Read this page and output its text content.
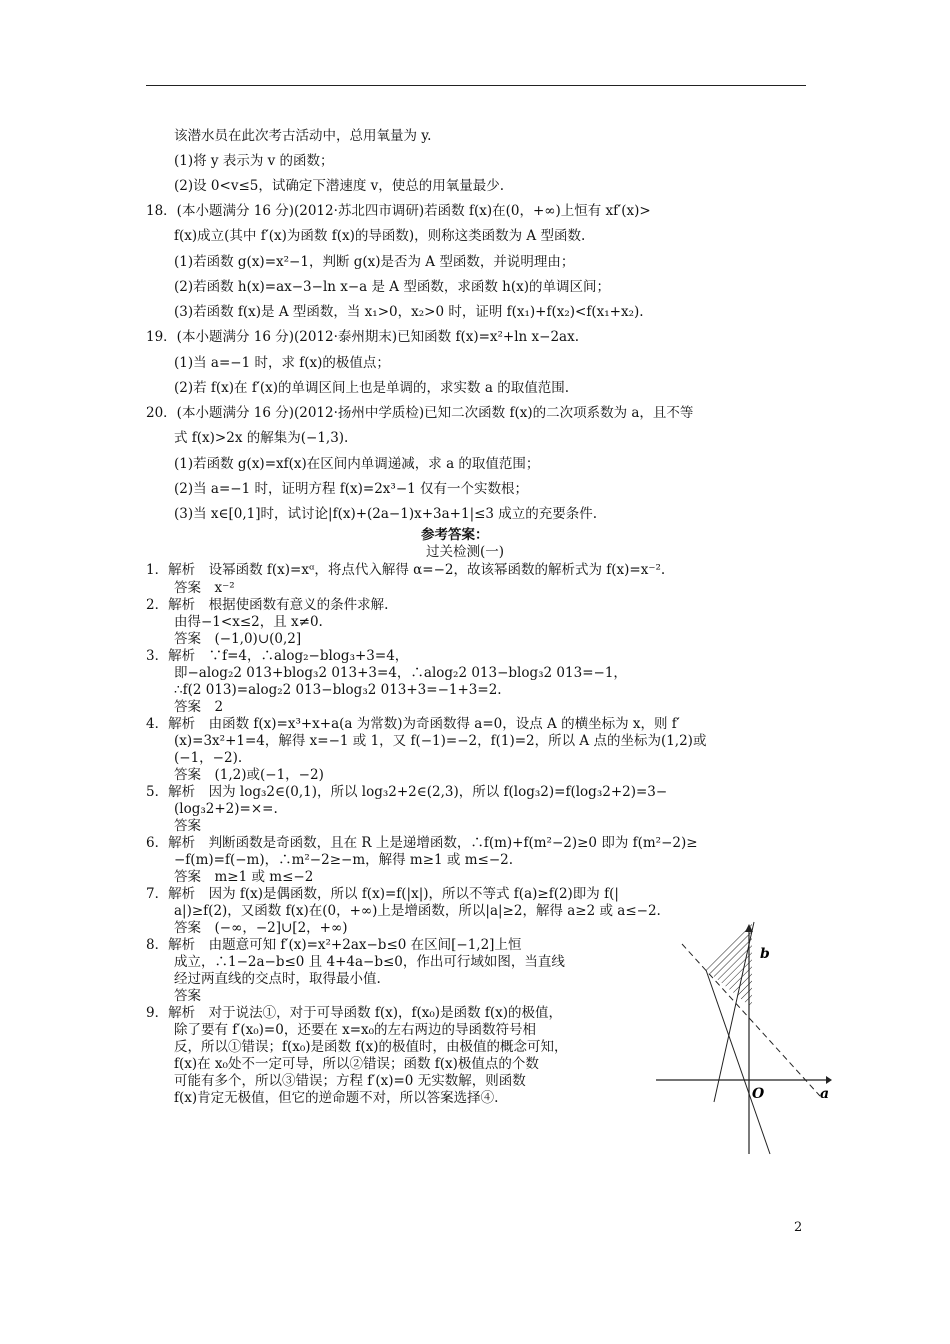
该潜水员在此次考古活动中，总用氧量为 y.
(1)将 y 表示为 v 的函数；
(2)设 0<v≤5，试确定下潜速度 v，使总的用氧量最少.
18．(本小题满分 16 分)(2012·苏北四市调研)若函数 f(x)在(0，+∞)上恒有 xf′(x)>
f(x)成立(其中 f′(x)为函数 f(x)的导函数)，则称这类函数为 A 型函数.
(1)若函数 g(x)=x²−1，判断 g(x)是否为 A 型函数，并说明理由；
(2)若函数 h(x)=ax−3−ln x−a 是 A 型函数，求函数 h(x)的单调区间；
(3)若函数 f(x)是 A 型函数，当 x₁>0，x₂>0 时，证明 f(x₁)+f(x₂)<f(x₁+x₂).
19．(本小题满分 16 分)(2012·泰州期末)已知函数 f(x)=x²+ln x−2ax.
(1)当 a=−1 时，求 f(x)的极值点；
(2)若 f(x)在 f′(x)的单调区间上也是单调的，求实数 a 的取值范围.
20．(本小题满分 16 分)(2012·扬州中学质检)已知二次函数 f(x)的二次项系数为 a，且不等
式 f(x)>2x 的解集为(−1,3).
(1)若函数 g(x)=xf(x)在区间内单调递减，求 a 的取值范围；
(2)当 a=−1 时，证明方程 f(x)=2x³−1 仅有一个实数根；
(3)当 x∈[0,1]时，试讨论|f(x)+(2a−1)x+3a+1|≤3 成立的充要条件.
1．解析　设幂函数 f(x)=xᵅ，将点代入解得 α=−2，故该幂函数的解析式为 f(x)=x⁻².
答案　x⁻²
2．解析　根据使函数有意义的条件求解.
由得−1<x≤2，且 x≠0.
答案　(−1,0)∪(0,2]
3．解析　∵f=4，∴alog₂−blog₃+3=4，
即−alog₂2 013+blog₃2 013+3=4，∴alog₂2 013−blog₃2 013=−1，
∴f(2 013)=alog₂2 013−blog₃2 013+3=−1+3=2.
答案　2
4．解析　由函数 f(x)=x³+x+a(a 为常数)为奇函数得 a=0，设点 A 的横坐标为 x，则 f′
(x)=3x²+1=4，解得 x=−1 或 1，又 f(−1)=−2，f(1)=2，所以 A 点的坐标为(1,2)或
(−1，−2).
答案　(1,2)或(−1，−2)
5．解析　因为 log₃2∈(0,1)，所以 log₃2+2∈(2,3)，所以 f(log₃2)=f(log₃2+2)=3−
(log₃2+2)=×=.
答案
6．解析　判断函数是奇函数，且在 R 上是递增函数，∴f(m)+f(m²−2)≥0 即为 f(m²−2)≥
−f(m)=f(−m)，∴m²−2≥−m，解得 m≥1 或 m≤−2.
答案　m≥1 或 m≤−2
7．解析　因为 f(x)是偶函数，所以 f(x)=f(|x|)，所以不等式 f(a)≥f(2)即为 f(|
a|)≥f(2)，又函数 f(x)在(0，+∞)上是增函数，所以|a|≥2，解得 a≥2 或 a≤−2.
答案　(−∞，−2]∪[2，+∞)
8．解析　由题意可知 f′(x)=x²+2ax−b≤0 在区间[−1,2]上恒
成立，∴1−2a−b≤0 且 4+4a−b≤0，作出可行域如图，当直线
经过两直线的交点时，取得最小值.
答案
9．解析　对于说法①，对于可导函数 f(x)，f(x₀)是函数 f(x)的极值，
除了要有 f′(x₀)=0，还要在 x=x₀的左右两边的导函数符号相
反，所以①错误；f(x₀)是函数 f(x)的极值时，由极值的概念可知，
f(x)在 x₀处不一定可导，所以②错误；函数 f(x)极值点的个数
可能有多个，所以③错误；方程 f′(x)=0 无实数解，则函数
f(x)肯定无极值，但它的逆命题不对，所以答案选择④.
参考答案：
过关检测(一)
b
O	a
2
